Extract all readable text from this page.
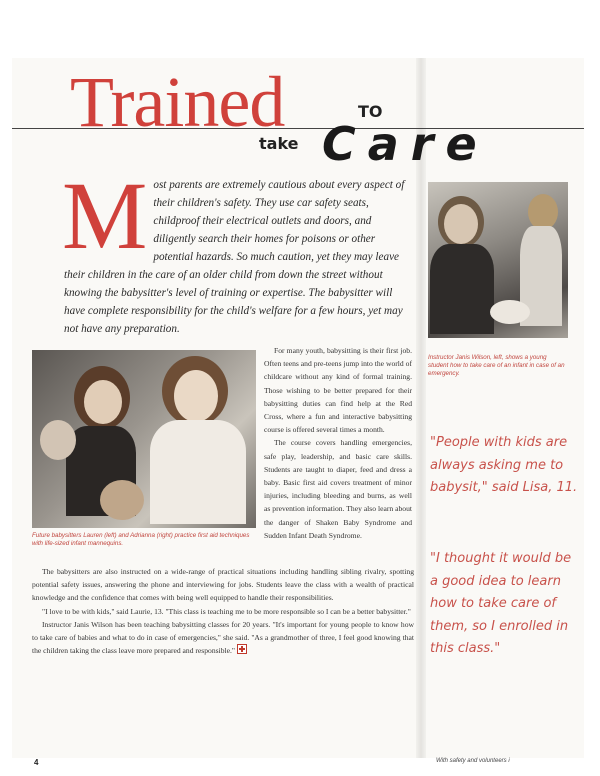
Trained	TO
take Care
M ost parents are extremely cautious about every aspect of their children's safety. They use car safety seats, childproof their electrical outlets and doors, and diligently search their homes for poisons or other potential hazards. So much caution, yet they may leave their children in the care of an older child from down the street without knowing the babysitter's level of training or expertise. The babysitter will have complete responsibility for the child's welfare for a few hours, yet may not have any preparation.
Instructor Janis Wilson, left, shows a young student how to take care of an infant in case of an emergency.
Future babysitters Lauren (left) and Adrianna (right) practice first aid techniques with life-sized infant mannequins.

For many youth, babysitting is their first job. Often teens and pre-teens jump into the world of childcare without any kind of formal training. Those wishing to be better prepared for their babysitting duties can find help at the Red Cross, where a fun and interactive babysitting course is offered several times a month.

The course covers handling emergencies, safe play, leadership, and basic care skills. Students are taught to diaper, feed and dress a baby. Basic first aid covers treatment of minor injuries, including bleeding and burns, as well as prevention information. They also learn about the danger of Shaken Baby Syndrome and Sudden Infant Death Syndrome.

The babysitters are also instructed on a wide-range of practical situations including handling sibling rivalry, spotting potential safety issues, answering the phone and interviewing for jobs. Students leave the class with a wealth of practical knowledge and the confidence that comes with being well equipped to handle their responsibilities.

"I love to be with kids," said Laurie, 13. "This class is teaching me to be more responsible so I can be a better babysitter."

Instructor Janis Wilson has been teaching babysitting classes for 20 years. "It's important for young people to know how to take care of babies and what to do in case of emergencies," she said. "As a grandmother of three, I feel good knowing that the children taking the class leave more prepared and responsible."

"People with kids are always asking me to babysit," said Lisa, 11.
"I thought it would be a good idea to learn how to take care of them, so I enrolled in this class."
4	With safety and volunteers i
